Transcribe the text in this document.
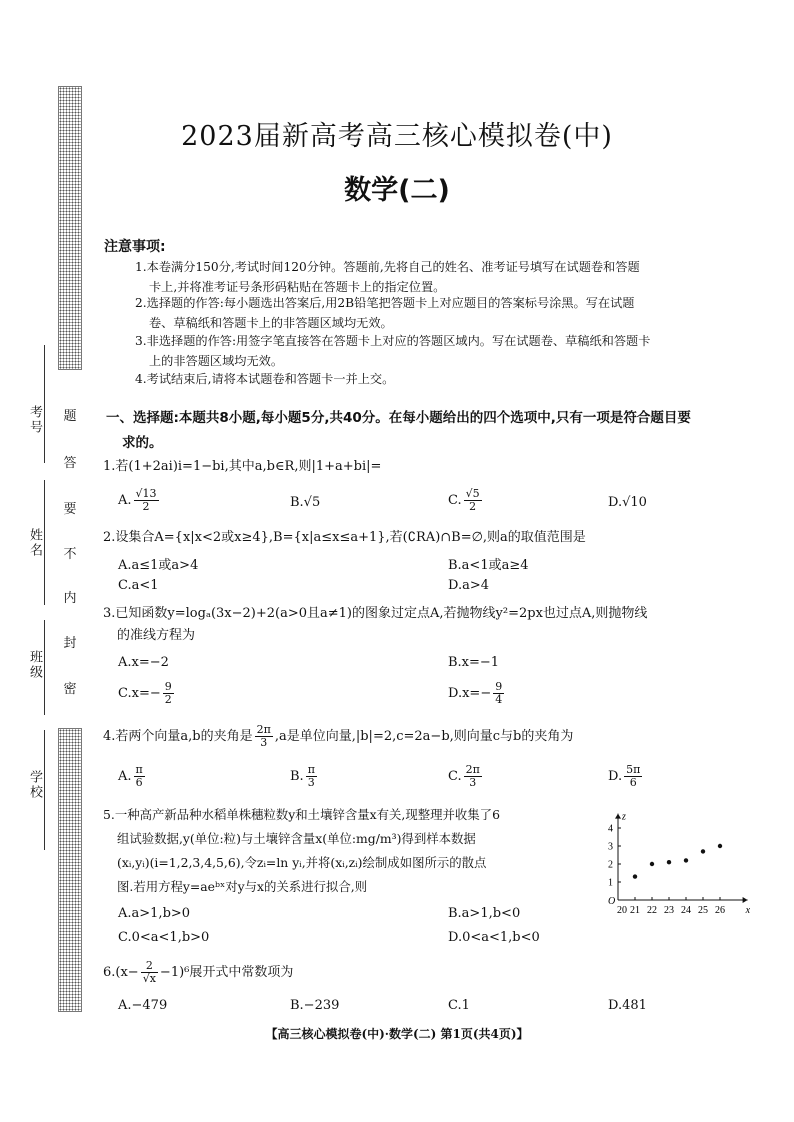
考号
姓名
班级
学校
题
答
要
不
内
封
密
2023届新高考高三核心模拟卷(中)
数学(二)
注意事项:
1.本卷满分150分,考试时间120分钟。答题前,先将自己的姓名、准考证号填写在试题卷和答题
卡上,并将准考证号条形码粘贴在答题卡上的指定位置。
2.选择题的作答:每小题选出答案后,用2B铅笔把答题卡上对应题目的答案标号涂黑。写在试题
卷、草稿纸和答题卡上的非答题区域均无效。
3.非选择题的作答:用签字笔直接答在答题卡上对应的答题区域内。写在试题卷、草稿纸和答题卡
上的非答题区域均无效。
4.考试结束后,请将本试题卷和答题卡一并上交。
一、选择题:本题共8小题,每小题5分,共40分。在每小题给出的四个选项中,只有一项是符合题目要
求的。
1.若(1+2ai)i=1−bi,其中a,b∈R,则|1+a+bi|=
A. $\frac{√13}{2}$	B.√5	C. $\frac{√5}{2}$	D.√10
2.设集合A={x|x<2或x≥4},B={x|a≤x≤a+1},若(∁RA)∩B=∅,则a的取值范围是
A.a≤1或a>4	B.a<1或a≥4
C.a<1	D.a>4
3.已知函数y=logₐ(3x−2)+2(a>0且a≠1)的图象过定点A,若抛物线y²=2px也过点A,则抛物线
的准线方程为
A.x=−2	B.x=−1
$C.x=- \frac{9}{2}$	$D.x=- \frac{9}{4}$
4.若两个向量a,b的夹角是 $\frac{2\pi}{3} ,a$是单位向量,|b|=2,c=2a−b,则向量c与b的夹角为
A. $\frac{\pi}{6}$	B. $\frac{\pi}{3}$	C. $\frac{2\pi}{3}$	D. $\frac{5\pi}{6}$
5.一种高产新品种水稻单株穗粒数y和土壤锌含量x有关,现整理并收集了6
组试验数据,y(单位:粒)与土壤锌含量x(单位:mg/m³)得到样本数据
(xᵢ,yᵢ)(i=1,2,3,4,5,6),令zᵢ=ln yᵢ,并将(xᵢ,zᵢ)绘制成如图所示的散点
图.若用方程y=aeᵇˣ对y与x的关系进行拟合,则
A.a>1,b>0	B.a>1,b<0
C.0<a<1,b>0	D.0<a<1,b<0
1
2
3
4
20 21 22 23 24 25 26
O
x
z
$6.(x- \frac{2}{√x} -1)^6$展开式中常数项为
A.−479	B.−239	C.1	D.481
【高三核心模拟卷(中)·数学(二) 第1页(共4页)】
